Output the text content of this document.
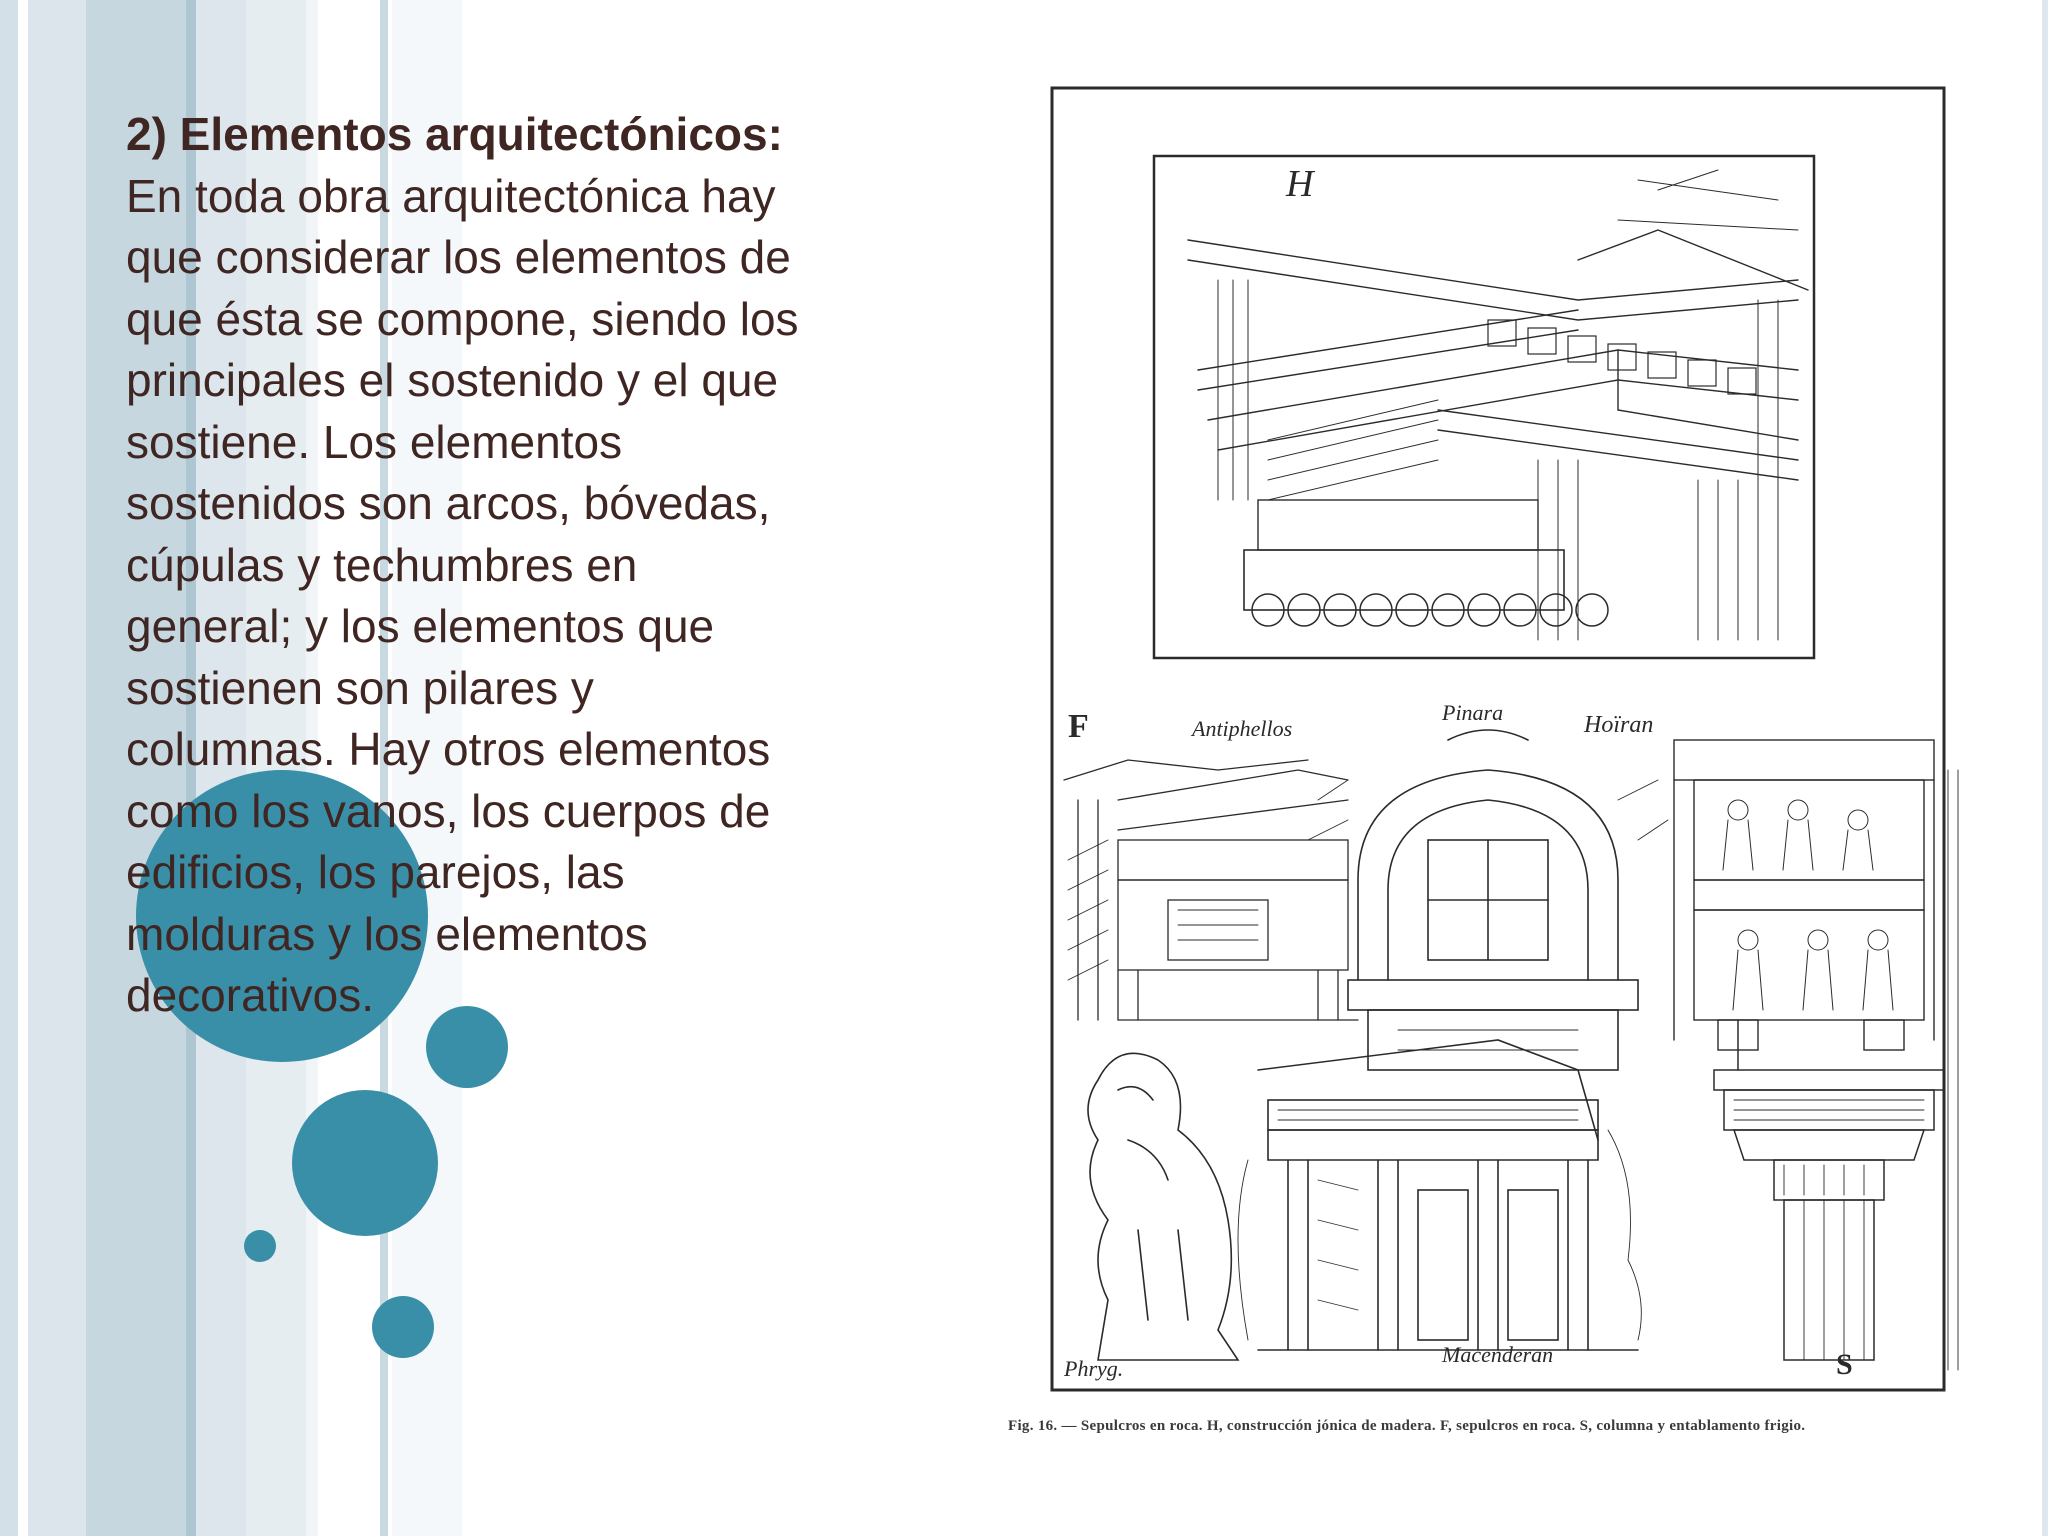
2) Elementos arquitectónicos:
En toda obra arquitectónica hay
que considerar los elementos de
que ésta se compone, siendo los
principales el sostenido y el que
sostiene. Los elementos
sostenidos son arcos, bóvedas,
cúpulas y techumbres en
general; y los elementos que
sostienen son pilares y
columnas. Hay otros elementos
como los vanos, los cuerpos de
edificios, los parejos, las
molduras y los elementos
decorativos.
H
F	Antiphellos
Pinara	Hoïran
Macenderan
Phryg.	S
Fig. 16. — Sepulcros en roca. H, construcción jónica de madera. F, sepulcros en roca. S, columna y entablamento frigio.
